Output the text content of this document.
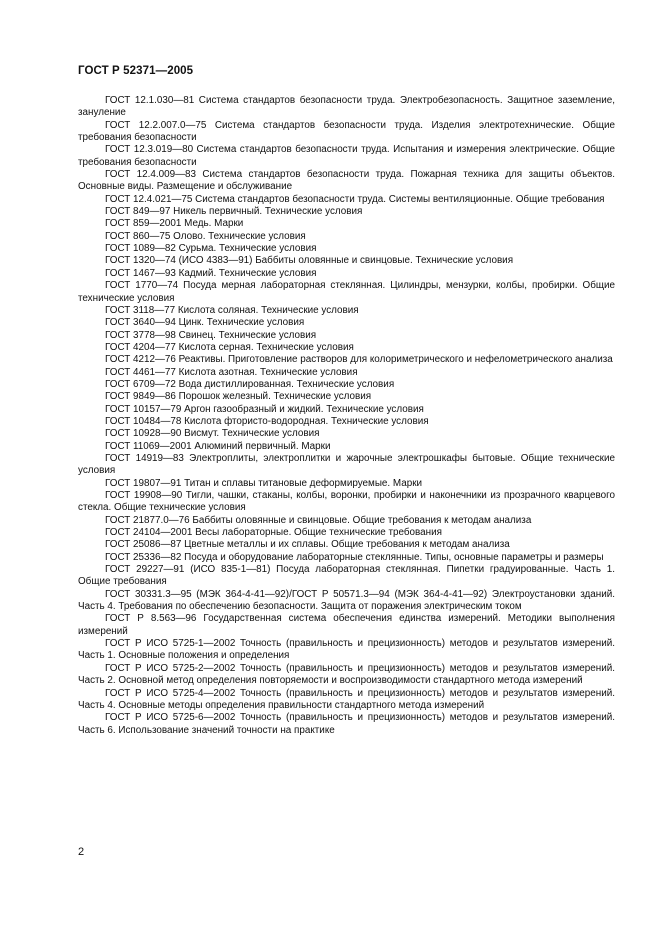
ГОСТ Р 52371—2005

ГОСТ 12.1.030—81 Система стандартов безопасности труда. Электробезопасность. Защитное заземление, зануление

ГОСТ 12.2.007.0—75 Система стандартов безопасности труда. Изделия электротехнические. Общие требования безопасности

ГОСТ 12.3.019—80 Система стандартов безопасности труда. Испытания и измерения электрические. Общие требования безопасности

ГОСТ 12.4.009—83 Система стандартов безопасности труда. Пожарная техника для защиты объектов. Основные виды. Размещение и обслуживание

ГОСТ 12.4.021—75 Система стандартов безопасности труда. Системы вентиляционные. Общие требования

ГОСТ 849—97 Никель первичный. Технические условия

ГОСТ 859—2001 Медь. Марки

ГОСТ 860—75 Олово. Технические условия

ГОСТ 1089—82 Сурьма. Технические условия

ГОСТ 1320—74 (ИСО 4383—91) Баббиты оловянные и свинцовые. Технические условия

ГОСТ 1467—93 Кадмий. Технические условия

ГОСТ 1770—74 Посуда мерная лабораторная стеклянная. Цилиндры, мензурки, колбы, пробирки. Общие технические условия

ГОСТ 3118—77 Кислота соляная. Технические условия

ГОСТ 3640—94 Цинк. Технические условия

ГОСТ 3778—98 Свинец. Технические условия

ГОСТ 4204—77 Кислота серная. Технические условия

ГОСТ 4212—76 Реактивы. Приготовление растворов для колориметрического и нефелометрического анализа

ГОСТ 4461—77 Кислота азотная. Технические условия

ГОСТ 6709—72 Вода дистиллированная. Технические условия

ГОСТ 9849—86 Порошок железный. Технические условия

ГОСТ 10157—79 Аргон газообразный и жидкий. Технические условия

ГОСТ 10484—78 Кислота фтористо-водородная. Технические условия

ГОСТ 10928—90 Висмут. Технические условия

ГОСТ 11069—2001 Алюминий первичный. Марки

ГОСТ 14919—83 Электроплиты, электроплитки и жарочные электрошкафы бытовые. Общие технические условия

ГОСТ 19807—91 Титан и сплавы титановые деформируемые. Марки

ГОСТ 19908—90 Тигли, чашки, стаканы, колбы, воронки, пробирки и наконечники из прозрачного кварцевого стекла. Общие технические условия

ГОСТ 21877.0—76 Баббиты оловянные и свинцовые. Общие требования к методам анализа

ГОСТ 24104—2001 Весы лабораторные. Общие технические требования

ГОСТ 25086—87 Цветные металлы и их сплавы. Общие требования к методам анализа

ГОСТ 25336—82 Посуда и оборудование лабораторные стеклянные. Типы, основные параметры и размеры

ГОСТ 29227—91 (ИСО 835-1—81) Посуда лабораторная стеклянная. Пипетки градуированные. Часть 1. Общие требования

ГОСТ 30331.3—95 (МЭК 364-4-41—92)/ГОСТ Р 50571.3—94 (МЭК 364-4-41—92) Электроустановки зданий. Часть 4. Требования по обеспечению безопасности. Защита от поражения электрическим током

ГОСТ Р 8.563—96 Государственная система обеспечения единства измерений. Методики выполнения измерений

ГОСТ Р ИСО 5725-1—2002 Точность (правильность и прецизионность) методов и результатов измерений. Часть 1. Основные положения и определения

ГОСТ Р ИСО 5725-2—2002 Точность (правильность и прецизионность) методов и результатов измерений. Часть 2. Основной метод определения повторяемости и воспроизводимости стандартного метода измерений

ГОСТ Р ИСО 5725-4—2002 Точность (правильность и прецизионность) методов и результатов измерений. Часть 4. Основные методы определения правильности стандартного метода измерений

ГОСТ Р ИСО 5725-6—2002 Точность (правильность и прецизионность) методов и результатов измерений. Часть 6. Использование значений точности на практике

2
